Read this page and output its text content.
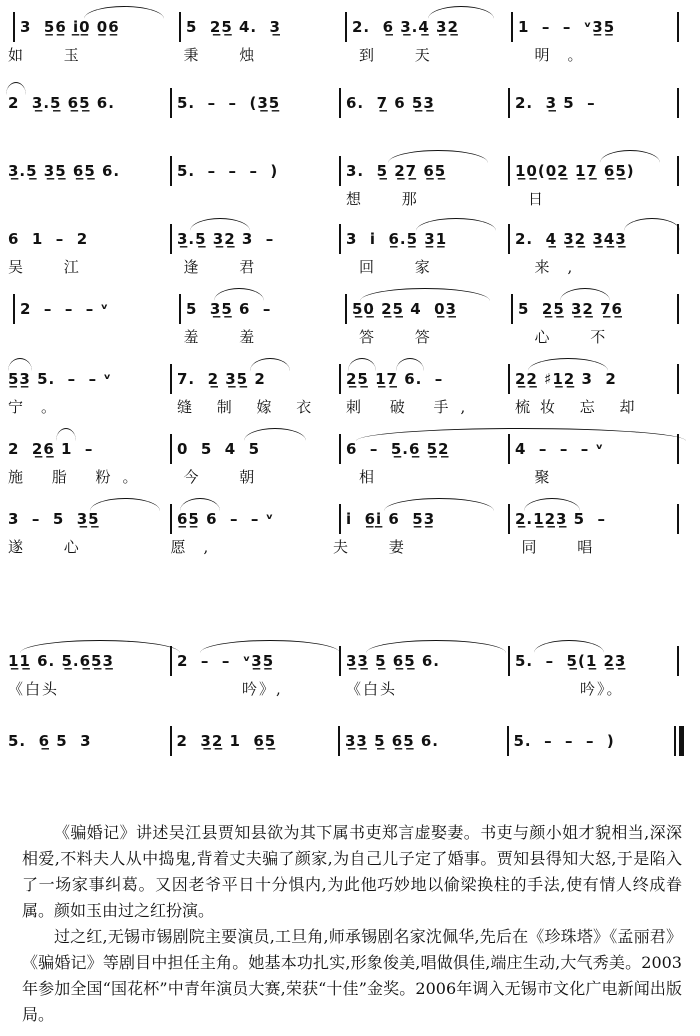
3  5̲6̲ i̲0̲ 0̲6̲	5  2̲5̲ 4.  3̲	2.  6̲ 3̲.4̲ 3̲2̲	1  –  –  ᵛ3̲5̲
如 玉	秉 烛	到 天	明。
2  3̲.5̲ 6̲5̲ 6.	5.  –  –  (3̲5̲	6.  7̲ 6 5̲3̲	2.  3̲ 5  –
3̲.5̲ 3̲5̲ 6̲5̲ 6.	5.  –  –  –  )	3.  5̲ 2̲7̲ 6̲5̲	1̲0̲(0̲2̲ 1̲7̲ 6̲5̲)
想 那	日
6  1  –  2	3̲.5̲ 3̲2̲ 3  –	3  i  6̲.5̲ 3̲1̲	2.  4̲ 3̲2̲ 3̲4̲3̲
吴 江	逢 君	回 家	来,
2  –  –  – ᵛ	5  3̲5̲ 6  –	5̲0̲ 2̲5̲ 4  0̲3̲	5  2̲5̲ 3̲2̲ 7̲6̲
羞 羞	答 答	心 不
5̲3̲ 5.  –  – ᵛ	7.  2̲ 3̲5̲ 2	2̲5̲ 1̲7̲ 6.  –	2̲2̲ ♯1̲2̲ 3  2
宁。	缝 制 嫁 衣	刺 破 手,	梳妆 忘 却
2  2̲6̲ 1  –	0  5  4  5	6  –  5̲.6̲ 5̲2̲	4  –  –  – ᵛ
施 脂 粉。	今 朝	相	聚
3  –  5  3̲5̲	6̲5̲ 6  –  – ᵛ	i  6̲i̲ 6  5̲3̲	2̲.1̲2̲3̲ 5  –
遂 心	愿,	夫 妻	同 唱
1̲1̲ 6. 5̲.6̲5̲3̲	2  –  –  ᵛ3̲5̲	3̲3̲ 5̲ 6̲5̲ 6.	5.  –  5̲(1̲ 2̲3̲
《白头	吟》,	《白头	吟》。
5.  6̲ 5  3	2  3̲2̲ 1  6̲5̲	3̲3̲ 5̲ 6̲5̲ 6.	5.  –  –  –  )

《骗婚记》讲述吴江县贾知县欲为其下属书吏郑言虚娶妻。书吏与颜小姐才貌相当,深深相爱,不料夫人从中捣鬼,背着丈夫骗了颜家,为自己儿子定了婚事。贾知县得知大怒,于是陷入了一场家事纠葛。又因老爷平日十分惧内,为此他巧妙地以偷梁换柱的手法,使有情人终成眷属。颜如玉由过之红扮演。

过之红,无锡市锡剧院主要演员,工旦角,师承锡剧名家沈佩华,先后在《珍珠塔》《孟丽君》《骗婚记》等剧目中担任主角。她基本功扎实,形象俊美,唱做俱佳,端庄生动,大气秀美。2003年参加全国“国花杯”中青年演员大赛,荣获“十佳”金奖。2006年调入无锡市文化广电新闻出版局。
